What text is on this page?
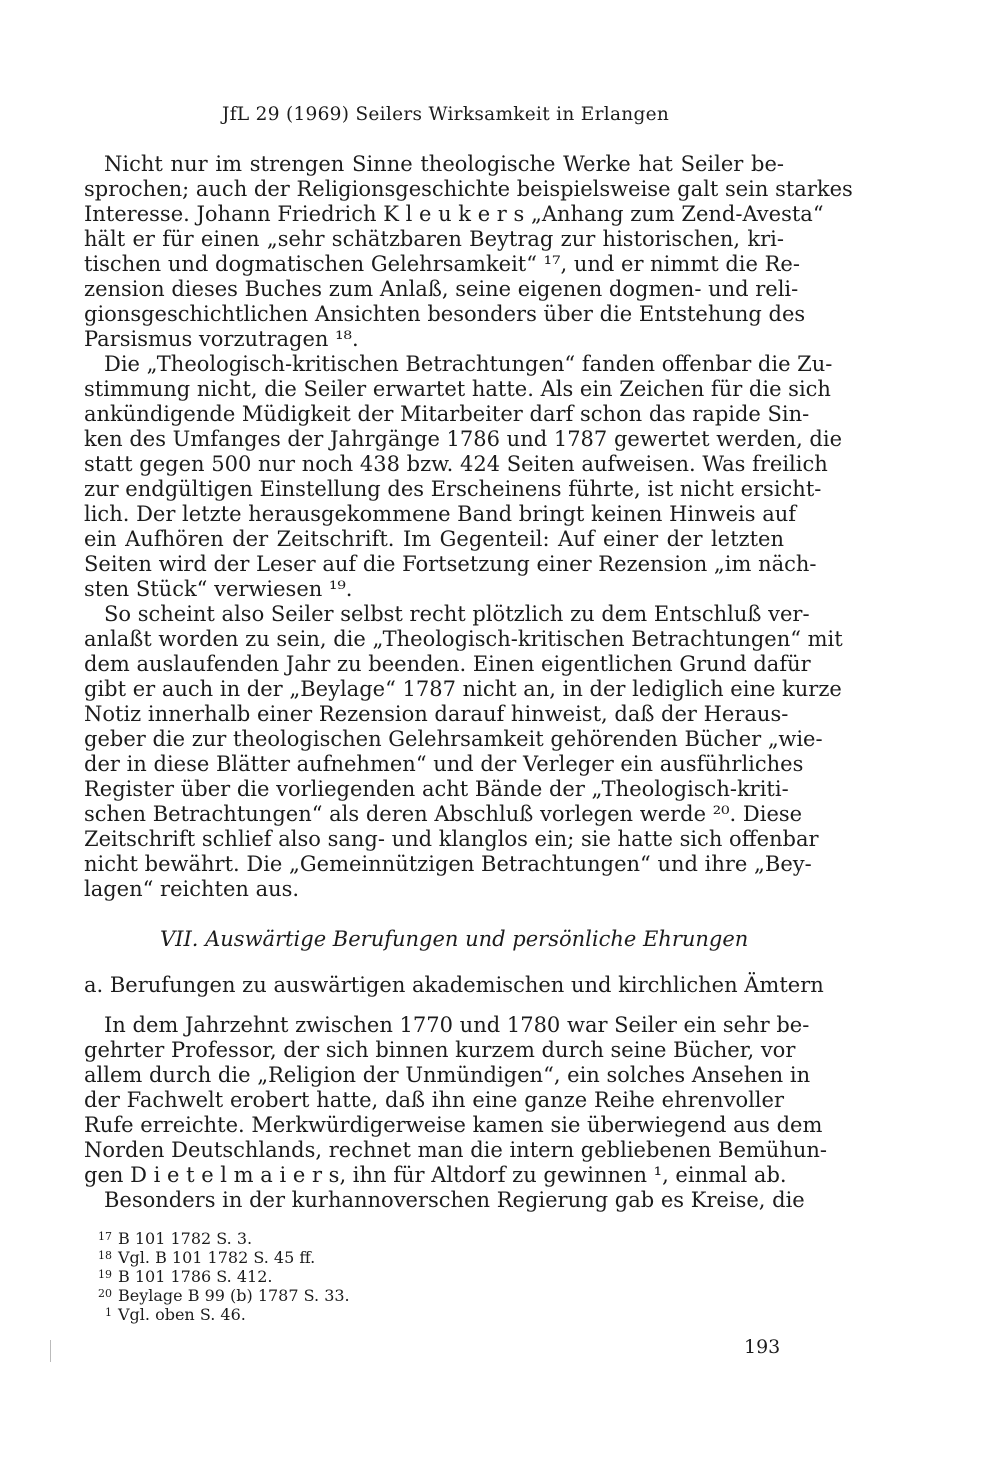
JfL 29 (1969) Seilers Wirksamkeit in Erlangen
Nicht nur im strengen Sinne theologische Werke hat Seiler be-
sprochen; auch der Religionsgeschichte beispielsweise galt sein starkes
Interesse. Johann Friedrich K l e u k e r s „Anhang zum Zend-Avesta“
hält er für einen „sehr schätzbaren Beytrag zur historischen, kri-
tischen und dogmatischen Gelehrsamkeit“ ¹⁷, und er nimmt die Re-
zension dieses Buches zum Anlaß, seine eigenen dogmen- und reli-
gionsgeschichtlichen Ansichten besonders über die Entstehung des
Parsismus vorzutragen ¹⁸.
Die „Theologisch-kritischen Betrachtungen“ fanden offenbar die Zu-
stimmung nicht, die Seiler erwartet hatte. Als ein Zeichen für die sich
ankündigende Müdigkeit der Mitarbeiter darf schon das rapide Sin-
ken des Umfanges der Jahrgänge 1786 und 1787 gewertet werden, die
statt gegen 500 nur noch 438 bzw. 424 Seiten aufweisen. Was freilich
zur endgültigen Einstellung des Erscheinens führte, ist nicht ersicht-
lich. Der letzte herausgekommene Band bringt keinen Hinweis auf
ein Aufhören der Zeitschrift. Im Gegenteil: Auf einer der letzten
Seiten wird der Leser auf die Fortsetzung einer Rezension „im näch-
sten Stück“ verwiesen ¹⁹.
So scheint also Seiler selbst recht plötzlich zu dem Entschluß ver-
anlaßt worden zu sein, die „Theologisch-kritischen Betrachtungen“ mit
dem auslaufenden Jahr zu beenden. Einen eigentlichen Grund dafür
gibt er auch in der „Beylage“ 1787 nicht an, in der lediglich eine kurze
Notiz innerhalb einer Rezension darauf hinweist, daß der Heraus-
geber die zur theologischen Gelehrsamkeit gehörenden Bücher „wie-
der in diese Blätter aufnehmen“ und der Verleger ein ausführliches
Register über die vorliegenden acht Bände der „Theologisch-kriti-
schen Betrachtungen“ als deren Abschluß vorlegen werde ²⁰. Diese
Zeitschrift schlief also sang- und klanglos ein; sie hatte sich offenbar
nicht bewährt. Die „Gemeinnützigen Betrachtungen“ und ihre „Bey-
lagen“ reichten aus.
VII. Auswärtige Berufungen und persönliche Ehrungen
a. Berufungen zu auswärtigen akademischen und kirchlichen Ämtern
In dem Jahrzehnt zwischen 1770 und 1780 war Seiler ein sehr be-
gehrter Professor, der sich binnen kurzem durch seine Bücher, vor
allem durch die „Religion der Unmündigen“, ein solches Ansehen in
der Fachwelt erobert hatte, daß ihn eine ganze Reihe ehrenvoller
Rufe erreichte. Merkwürdigerweise kamen sie überwiegend aus dem
Norden Deutschlands, rechnet man die intern gebliebenen Bemühun-
gen D i e t e l m a i e r s, ihn für Altdorf zu gewinnen ¹, einmal ab.
Besonders in der kurhannoverschen Regierung gab es Kreise, die
17 B 101 1782 S. 3.
18 Vgl. B 101 1782 S. 45 ff.
19 B 101 1786 S. 412.
20 Beylage B 99 (b) 1787 S. 33.
1 Vgl. oben S. 46.
193
